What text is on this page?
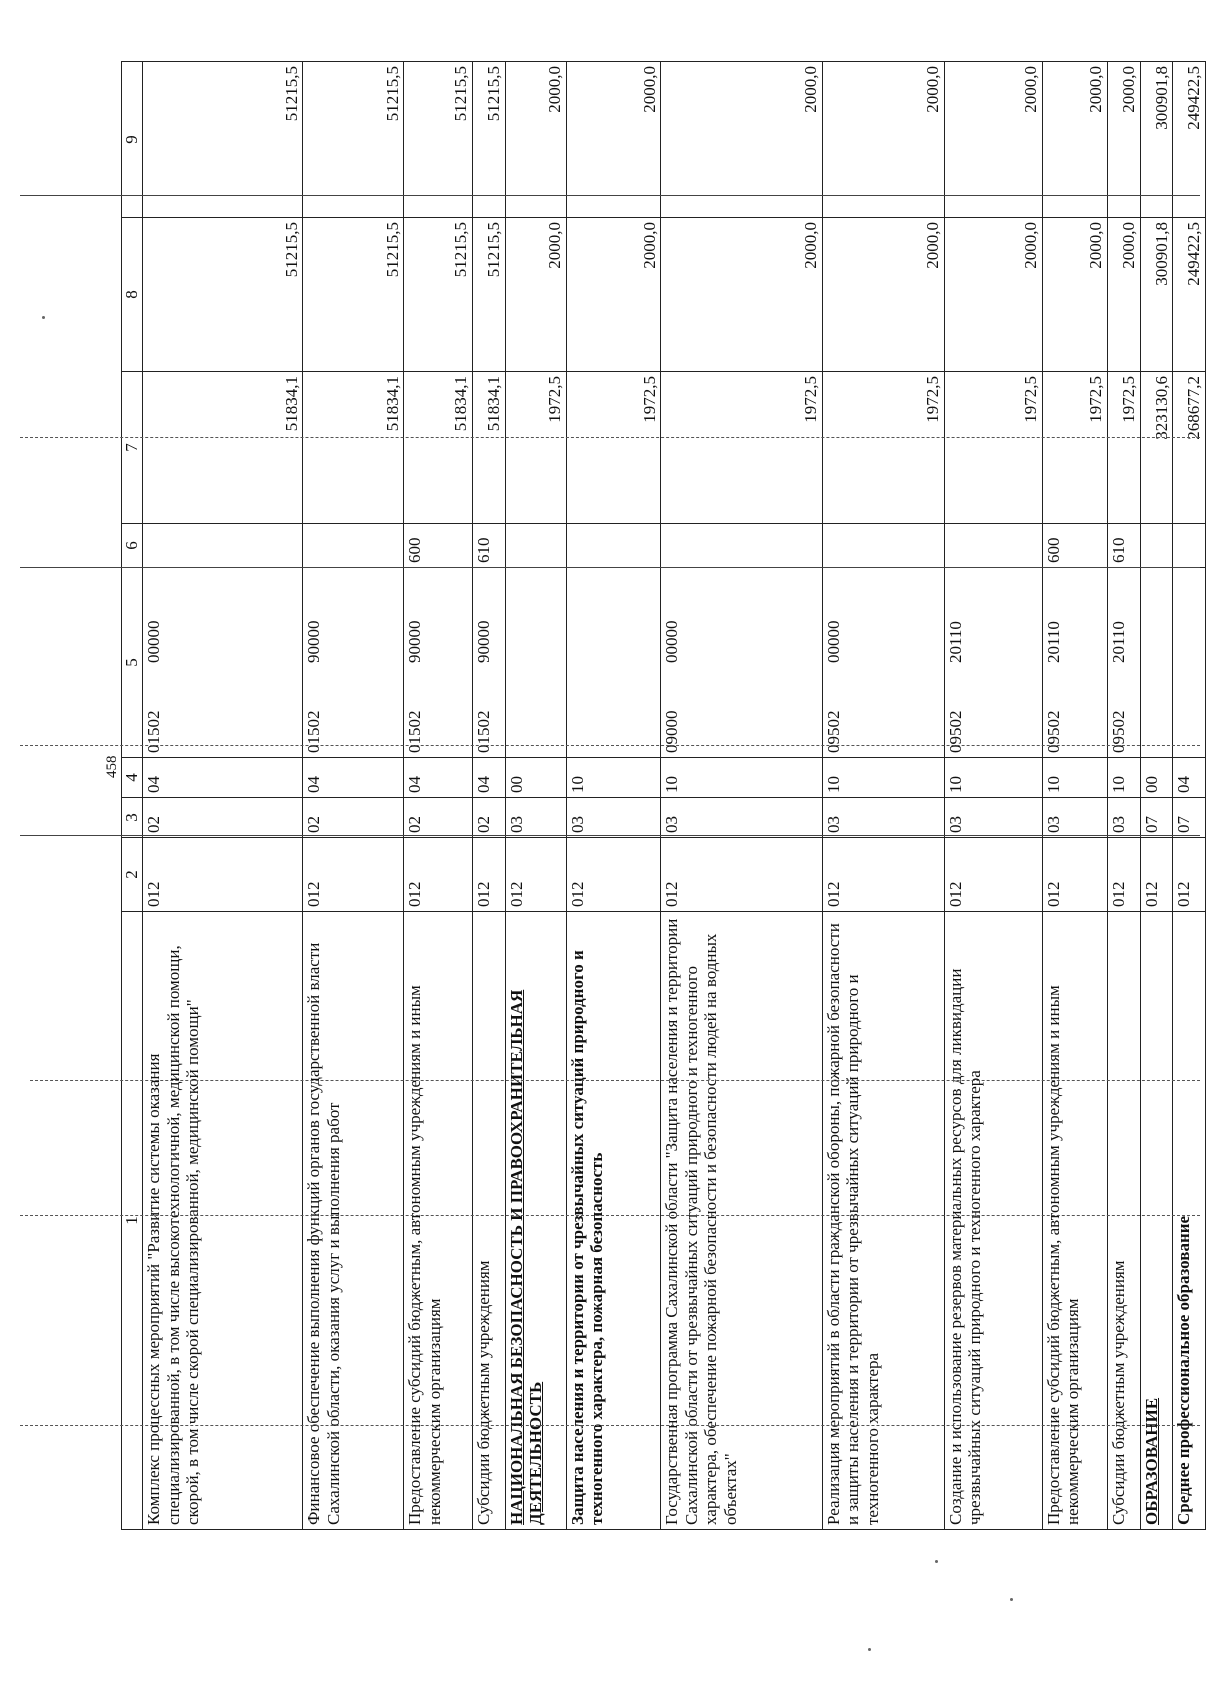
458
1	2	3	4	5	6	7	8	9
Комплекс процессных мероприятий "Развитие системы оказания специализированной, в том числе высокотехнологичной, медицинской помощи, скорой, в том числе скорой специализированной, медицинской помощи"	012	02	04	0150200000		51834,1	51215,5	51215,5
Финансовое обеспечение выполнения функций органов государственной власти Сахалинской области, оказания услуг и выполнения работ	012	02	04	0150290000		51834,1	51215,5	51215,5
Предоставление субсидий бюджетным, автономным учреждениям и иным некоммерческим организациям	012	02	04	0150290000	600	51834,1	51215,5	51215,5
Субсидии бюджетным учреждениям	012	02	04	0150290000	610	51834,1	51215,5	51215,5
НАЦИОНАЛЬНАЯ БЕЗОПАСНОСТЬ И ПРАВООХРАНИТЕЛЬНАЯ ДЕЯТЕЛЬНОСТЬ	012	03	00			1972,5	2000,0	2000,0
Защита населения и территории от чрезвычайных ситуаций природного и техногенного характера, пожарная безопасность	012	03	10			1972,5	2000,0	2000,0
Государственная программа Сахалинской области "Защита населения и территории Сахалинской области от чрезвычайных ситуаций природного и техногенного характера, обеспечение пожарной безопасности и безопасности людей на водных объектах"	012	03	10	0900000000		1972,5	2000,0	2000,0
Реализация мероприятий в области гражданской обороны, пожарной безопасности и защиты населения и территории от чрезвычайных ситуаций природного и техногенного характера	012	03	10	0950200000		1972,5	2000,0	2000,0
Создание и использование резервов материальных ресурсов для ликвидации чрезвычайных ситуаций природного и техногенного характера	012	03	10	0950220110		1972,5	2000,0	2000,0
Предоставление субсидий бюджетным, автономным учреждениям и иным некоммерческим организациям	012	03	10	0950220110	600	1972,5	2000,0	2000,0
Субсидии бюджетным учреждениям	012	03	10	0950220110	610	1972,5	2000,0	2000,0
ОБРАЗОВАНИЕ	012	07	00			323130,6	300901,8	300901,8
Среднее профессиональное образование	012	07	04			268677,2	249422,5	249422,5
